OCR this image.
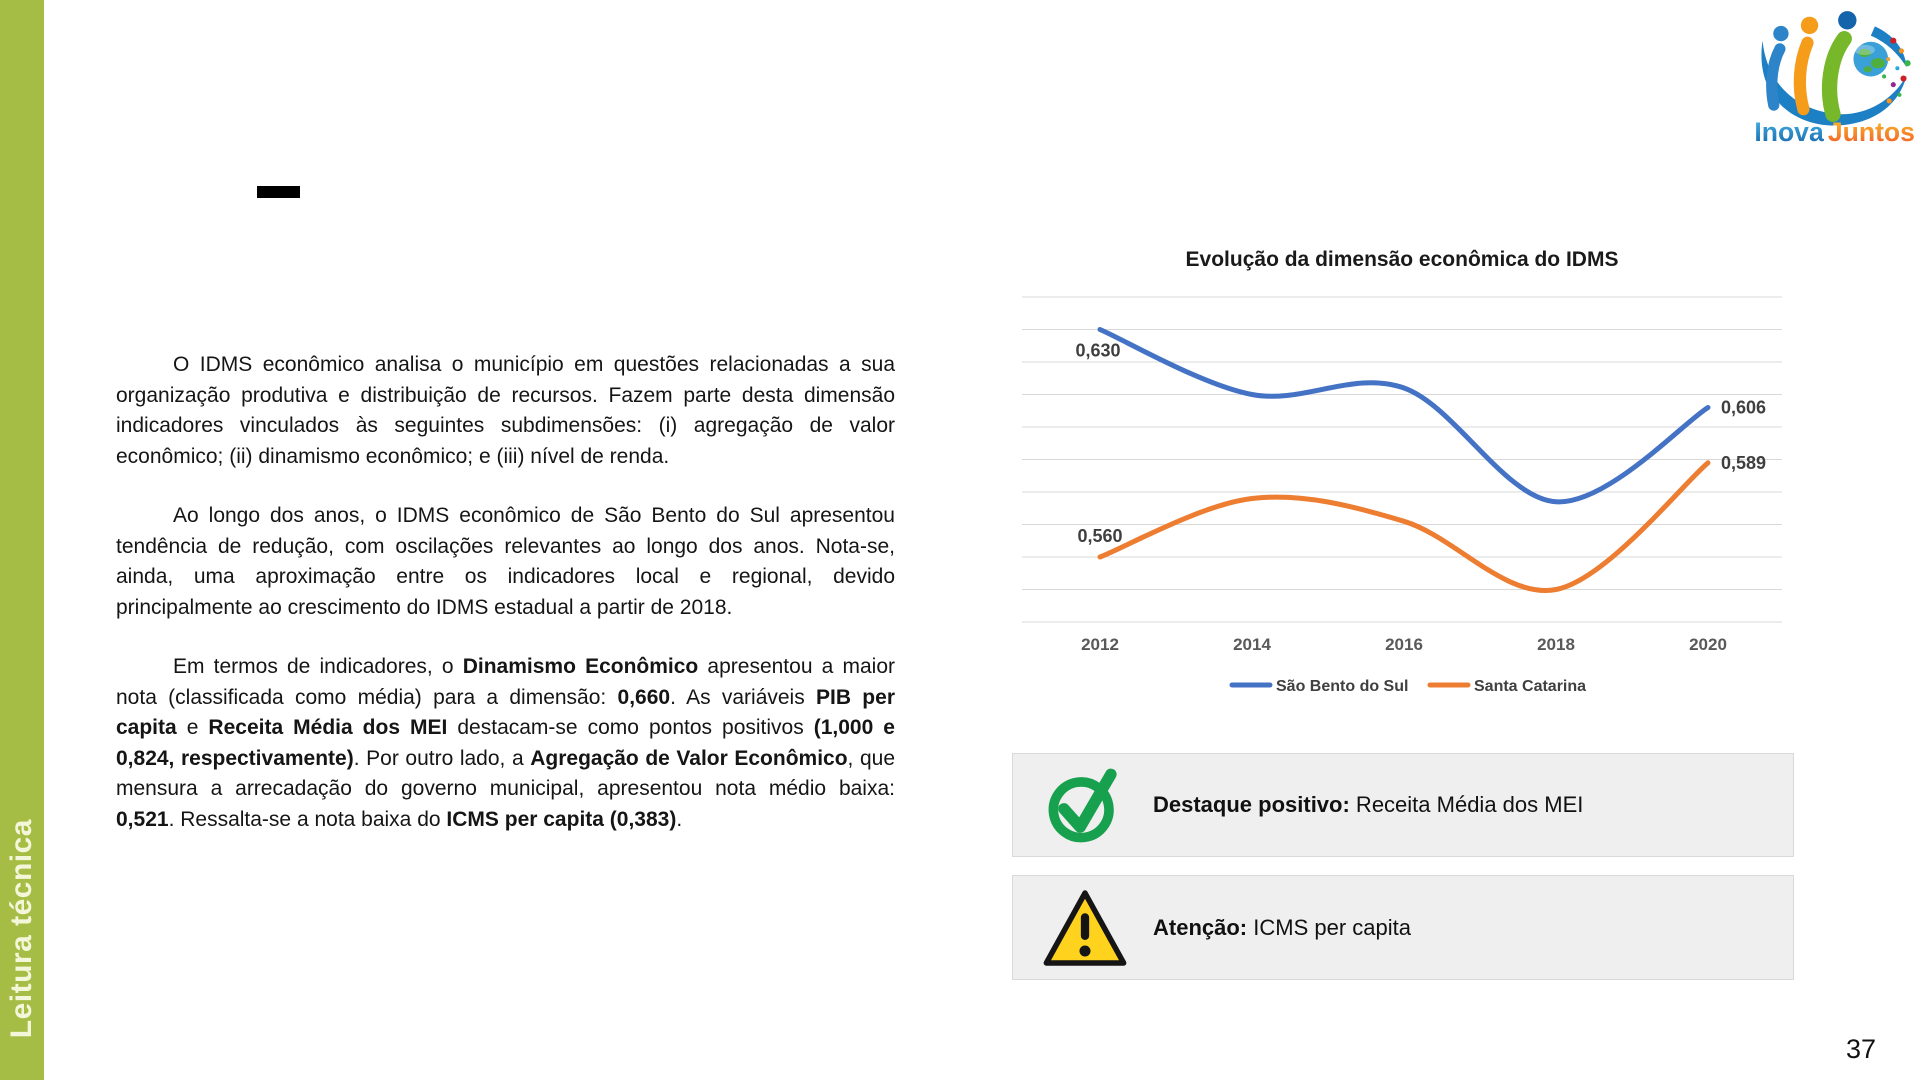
Leitura técnica

O IDMS econômico analisa o município em questões relacionadas a sua organização produtiva e distribuição de recursos. Fazem parte desta dimensão indicadores vinculados às seguintes subdimensões: (i) agregação de valor econômico; (ii) dinamismo econômico; e (iii) nível de renda.

Ao longo dos anos, o IDMS econômico de São Bento do Sul apresentou tendência de redução, com oscilações relevantes ao longo dos anos. Nota-se, ainda, uma aproximação entre os indicadores local e regional, devido principalmente ao crescimento do IDMS estadual a partir de 2018.

Em termos de indicadores, o Dinamismo Econômico apresentou a maior nota (classificada como média) para a dimensão: 0,660. As variáveis PIB per capita e Receita Média dos MEI destacam-se como pontos positivos (1,000 e 0,824, respectivamente). Por outro lado, a Agregação de Valor Econômico, que mensura a arrecadação do governo municipal, apresentou nota médio baixa: 0,521. Ressalta-se a nota baixa do ICMS per capita (0,383).

Evolução da dimensão econômica do IDMS
0,630
0,606
0,560
0,589
2012	2014	2016	2018	2020
São Bento do Sul	Santa Catarina
Destaque positivo: Receita Média dos MEI
Atenção: ICMS per capita
Inova Juntos
37
